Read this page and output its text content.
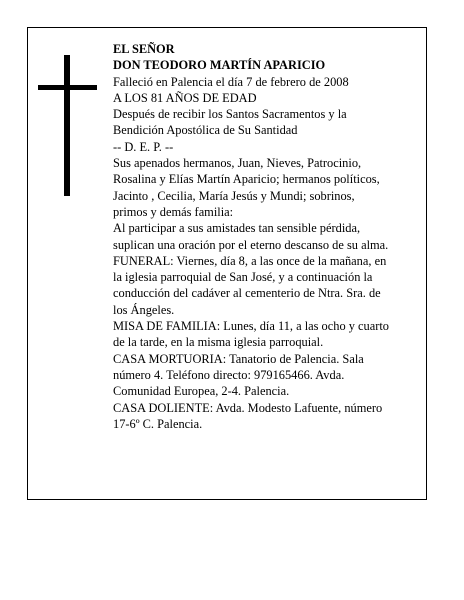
EL SEÑOR
DON TEODORO MARTÍN APARICIO
Falleció en Palencia el día 7 de febrero de 2008
A LOS 81 AÑOS DE EDAD
Después de recibir los Santos Sacramentos y la
Bendición Apostólica de Su Santidad
-- D. E. P. --
Sus apenados hermanos, Juan, Nieves, Patrocinio,
Rosalina y Elías Martín Aparicio; hermanos políticos,
Jacinto , Cecilia, María Jesús y Mundi; sobrinos,
primos y demás familia:
Al participar a sus amistades tan sensible pérdida,
suplican una oración por el eterno descanso de su alma.
FUNERAL: Viernes, día 8, a las once de la mañana, en
la iglesia parroquial de San José, y a continuación la
conducción del cadáver al cementerio de Ntra. Sra. de
los Ángeles.
MISA DE FAMILIA: Lunes, día 11, a las ocho y cuarto
de la tarde, en la misma iglesia parroquial.
CASA MORTUORIA: Tanatorio de Palencia. Sala
número 4. Teléfono directo: 979165466. Avda.
Comunidad Europea, 2-4. Palencia.
CASA DOLIENTE: Avda. Modesto Lafuente, número
17-6º C. Palencia.
